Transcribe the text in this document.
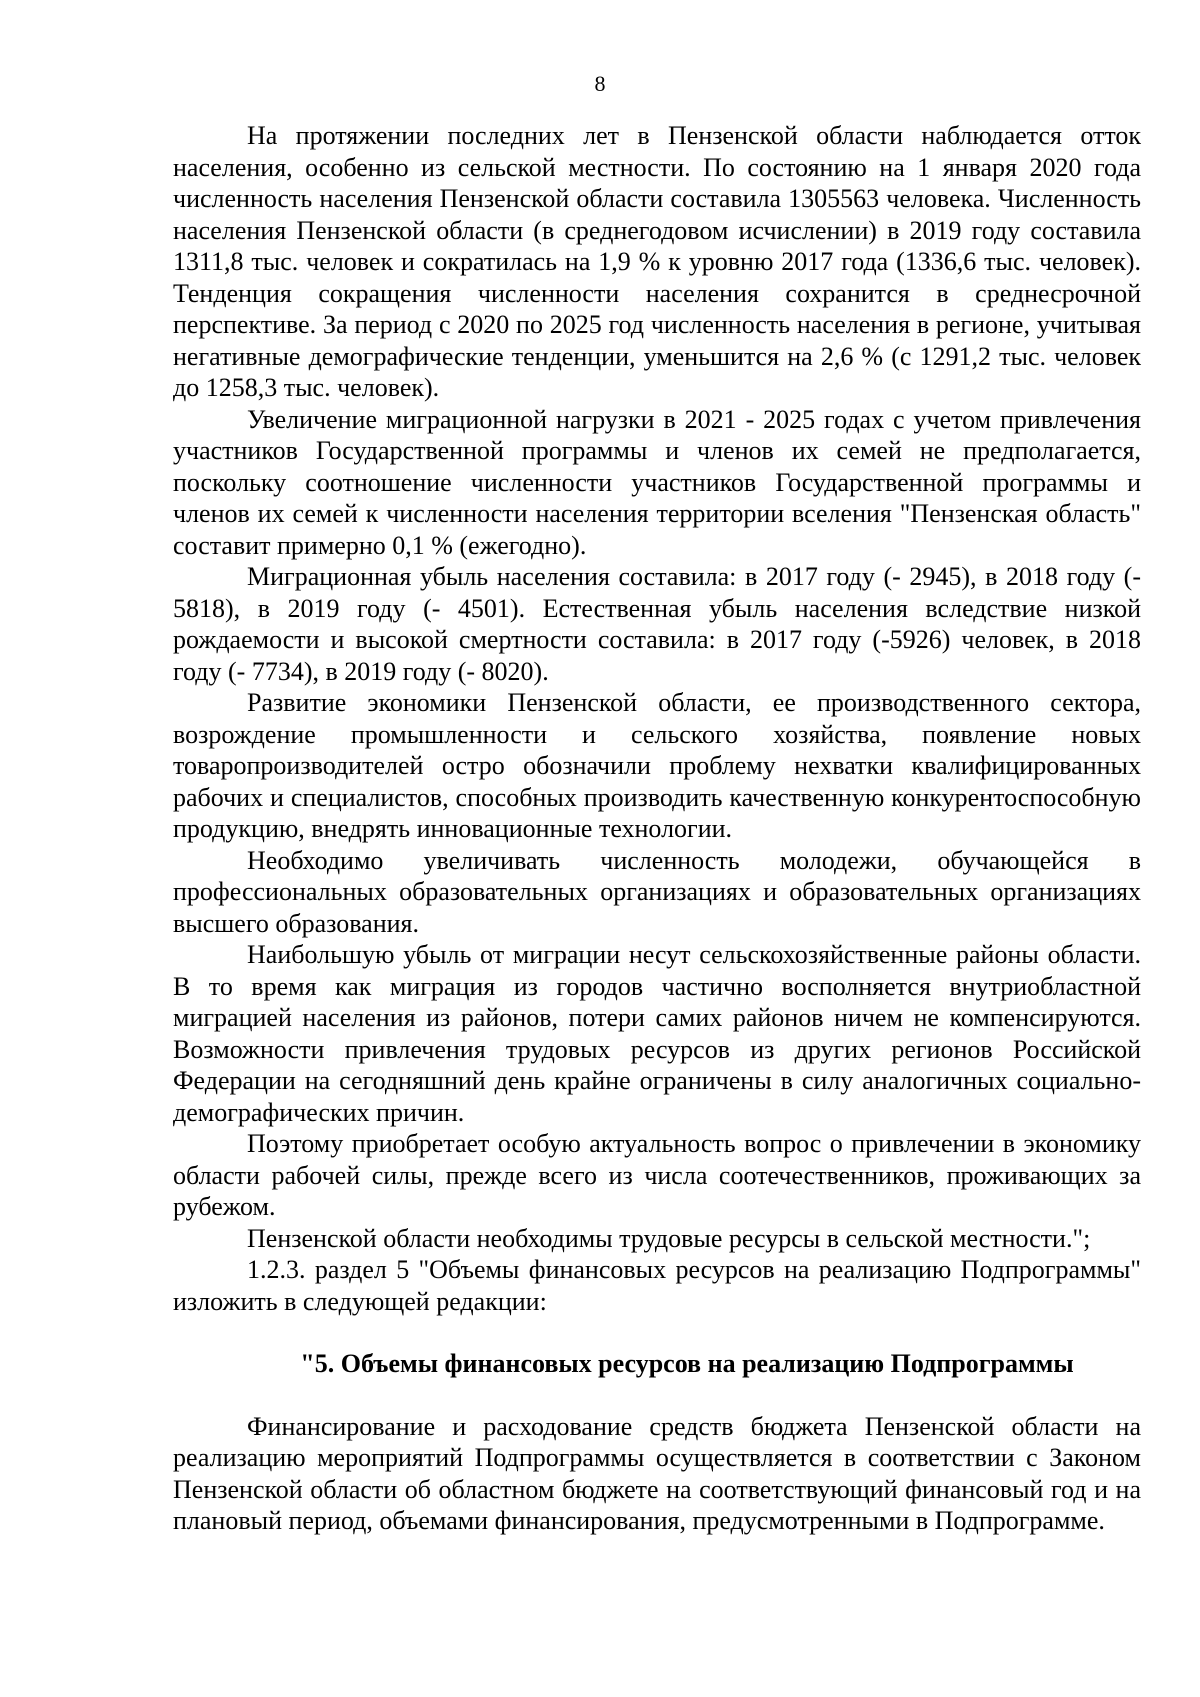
8

На протяжении последних лет в Пензенской области наблюдается отток населения, особенно из сельской местности. По состоянию на 1 января 2020 года численность населения Пензенской области составила 1305563 человека. Численность населения Пензенской области (в среднегодовом исчислении) в 2019 году составила 1311,8 тыс. человек и сократилась на 1,9 % к уровню 2017 года (1336,6 тыс. человек). Тенденция сокращения численности населения сохранится в среднесрочной перспективе. За период с 2020 по 2025 год численность населения в регионе, учитывая негативные демографические тенденции, уменьшится на 2,6 % (с 1291,2 тыс. человек до 1258,3 тыс. человек).

Увеличение миграционной нагрузки в 2021 - 2025 годах с учетом привлечения участников Государственной программы и членов их семей не предполагается, поскольку соотношение численности участников Государственной программы и членов их семей к численности населения территории вселения "Пензенская область" составит примерно 0,1 % (ежегодно).

Миграционная убыль населения составила: в 2017 году (- 2945), в 2018 году (- 5818), в 2019 году (- 4501). Естественная убыль населения вследствие низкой рождаемости и высокой смертности составила: в 2017 году (-5926) человек, в 2018 году (- 7734), в 2019 году (- 8020).

Развитие экономики Пензенской области, ее производственного сектора, возрождение промышленности и сельского хозяйства, появление новых товаропроизводителей остро обозначили проблему нехватки квалифицированных рабочих и специалистов, способных производить качественную конкурентоспособную продукцию, внедрять инновационные технологии.

Необходимо увеличивать численность молодежи, обучающейся в профессиональных образовательных организациях и образовательных организациях высшего образования.

Наибольшую убыль от миграции несут сельскохозяйственные районы области. В то время как миграция из городов частично восполняется внутриобластной миграцией населения из районов, потери самих районов ничем не компенсируются. Возможности привлечения трудовых ресурсов из других регионов Российской Федерации на сегодняшний день крайне ограничены в силу аналогичных социально-демографических причин.

Поэтому приобретает особую актуальность вопрос о привлечении в экономику области рабочей силы, прежде всего из числа соотечественников, проживающих за рубежом.

Пензенской области необходимы трудовые ресурсы в сельской местности.";

1.2.3. раздел 5 "Объемы финансовых ресурсов на реализацию Подпрограммы" изложить в следующей редакции:

"5. Объемы финансовых ресурсов на реализацию Подпрограммы

Финансирование и расходование средств бюджета Пензенской области на реализацию мероприятий Подпрограммы осуществляется в соответствии с Законом Пензенской области об областном бюджете на соответствующий финансовый год и на плановый период, объемами финансирования, предусмотренными в Подпрограмме.
